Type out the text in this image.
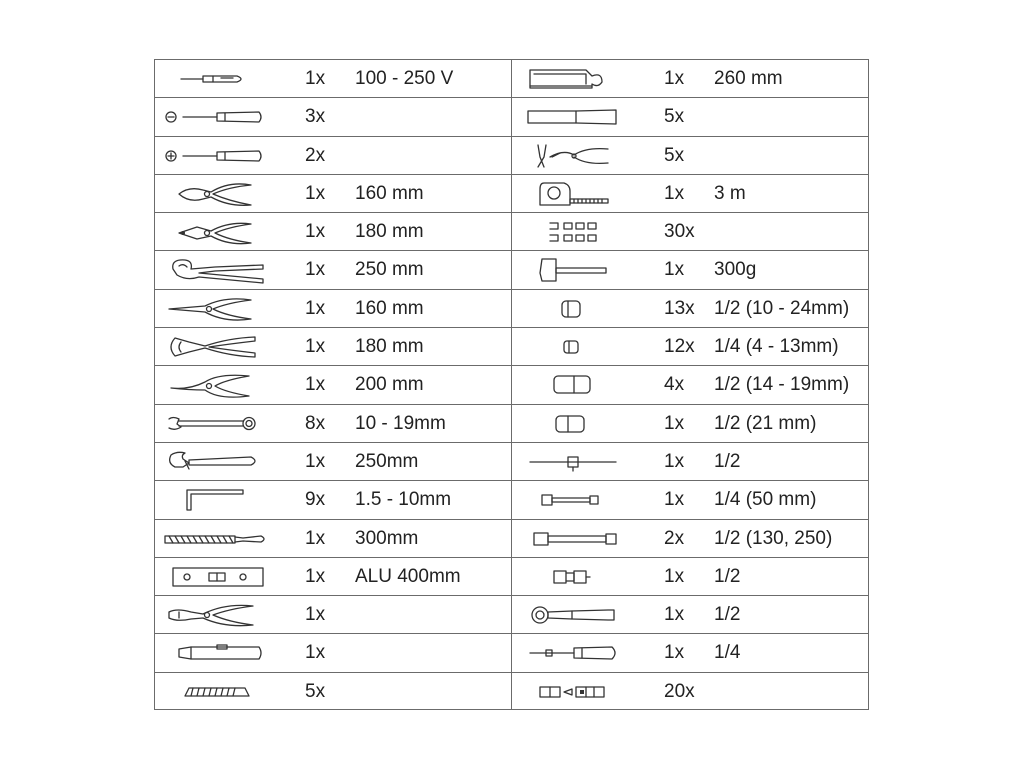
1x 100 - 250 V
3x
2x
1x 160 mm
1x 180 mm
1x 250 mm
1x 160 mm
1x 180 mm
1x 200 mm
8x 10 - 19mm
1x 250mm
9x 1.5 - 10mm
1x 300mm
1x ALU 400mm
1x
1x
5x
1x 260 mm
5x
5x
1x 3 m
30x
1x 300g
13x 1/2 (10 - 24mm)
12x 1/4 (4 - 13mm)
4x 1/2 (14 - 19mm)
1x 1/2 (21 mm)
1x 1/2
1x 1/4 (50 mm)
2x 1/2 (130, 250)
1x 1/2
1x 1/2
1x 1/4
20x
